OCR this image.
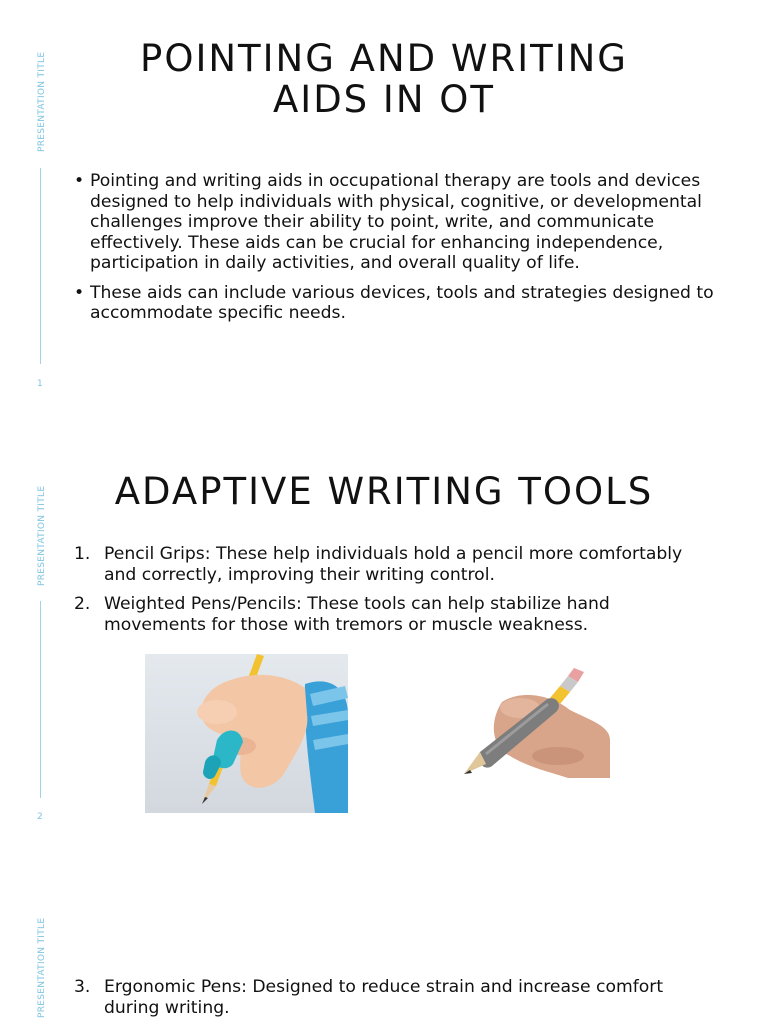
PRESENTATION TITLE
1
POINTING AND WRITING
AIDS IN OT
• Pointing and writing aids in occupational therapy are tools and devices designed to help individuals with physical, cognitive, or developmental challenges improve their ability to point, write, and communicate effectively. These aids can be crucial for enhancing independence, participation in daily activities, and overall quality of life.
• These aids can include various devices, tools and strategies designed to accommodate specific needs.
PRESENTATION TITLE
2
ADAPTIVE WRITING TOOLS
1. Pencil Grips: These help individuals hold a pencil more comfortably and correctly, improving their writing control.
2. Weighted Pens/Pencils: These tools can help stabilize hand movements for those with tremors or muscle weakness.
PRESENTATION TITLE 3. Ergonomic Pens: Designed to reduce strain and increase comfort during writing.
